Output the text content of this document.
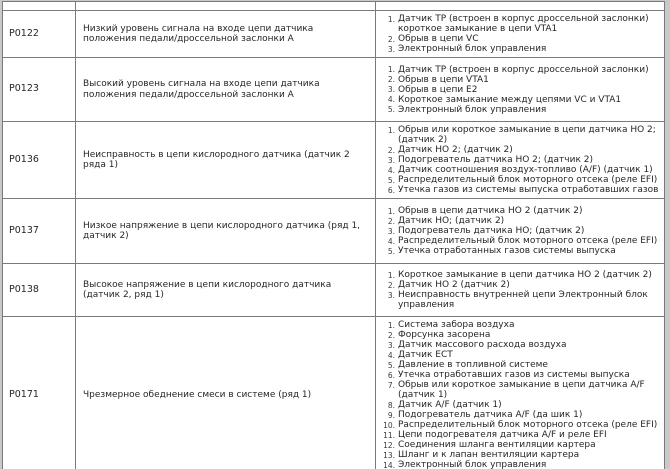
P0122	Низкий уровень сигнала на входе цепи датчика положения педали/дроссельной заслонки А	
Датчик ТР (встроен в корпус дроссельной заслонки) короткое замыкание в цепи VTA1
Обрыв в цепи VC
Электронный блок управления

P0123	Высокий уровень сигнала на входе цепи датчика положения педали/дроссельной заслонки А	
Датчик ТР (встроен в корпус дроссельной заслонки)
Обрыв в цепи VTA1
Обрыв в цепи Е2
Короткое замыкание между цепями VC и VTA1
Электронный блок управления

P0136	Неисправность в цепи кислородного датчика (датчик 2 ряда 1)	
Обрыв или короткое замыкание в цепи датчика HO 2; (датчик 2)
Датчик HO 2; (датчик 2)
Подогреватель датчика HO 2; (датчик 2)
Датчик соотношения воздух-топливо (A/F) (датчик 1)
Распределительный блок моторного отсека (реле EFI)
Утечка газов из системы выпуска отработавших газов

P0137	Низкое напряжение в цепи кислородного датчика (ряд 1, датчик 2)	
Обрыв в цепи датчика HO 2 (датчик 2)
Датчик HO; (датчик 2)
Подогреватель датчика HO; (датчик 2)
Распределительный блок моторного отсека (реле EFI)
Утечка отработанных газов системы выпуска

P0138	Высокое напряжение в цепи кислородного датчика (датчик 2, ряд 1)	
Короткое замыкание в цепи датчика HO 2 (датчик 2)
Датчик HO 2 (датчик 2)
Неисправность внутренней цепи Электронный блок управления

P0171	Чрезмерное обеднение смеси в системе (ряд 1)	
Система забора воздуха
Форсунка засорена
Датчик массового расхода воздуха
Датчик ECT
Давление в топливной системе
Утечка отработавших газов из системы выпуска
Обрыв или короткое замыкание в цепи датчика A/F (датчик 1)
Датчик A/F (датчик 1)
Подогреватель датчика A/F (да шик 1)
Распределительный блок моторного отсека (реле EFI)
Цепи подогревателя датчика A/F и реле EFI
Соединения шланга вентиляции картера
Шланг и к лапан вентиляции картера
Электронный блок управления
